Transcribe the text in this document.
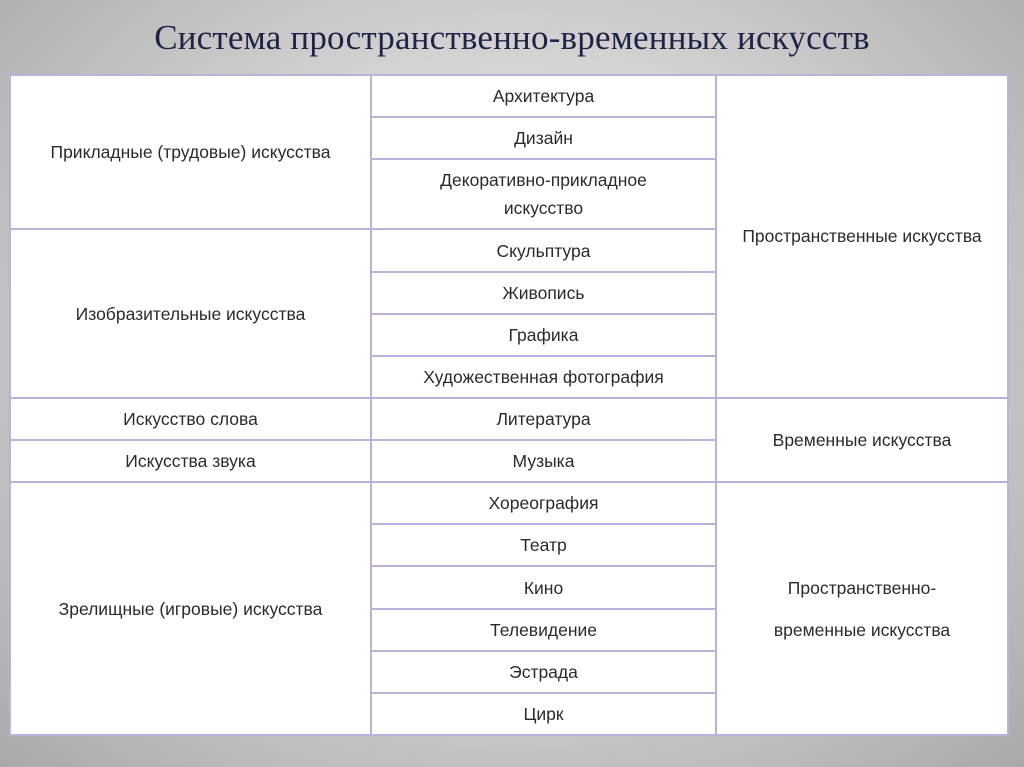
Система пространственно-временных искусств
Прикладные (трудовые) искусства	Архитектура	Пространственные искусства
	Дизайн	
	Декоративно-прикладное искусство	
Изобразительные искусства	Скульптура	
	Живопись	
	Графика	
	Художественная фотография	
Искусство слова	Литература	Временные искусства
Искусства звука	Музыка	
Зрелищные (игровые) искусства	Хореография	Пространственно-временные искусства
	Театр	
	Кино	
	Телевидение	
	Эстрада	
	Цирк	
